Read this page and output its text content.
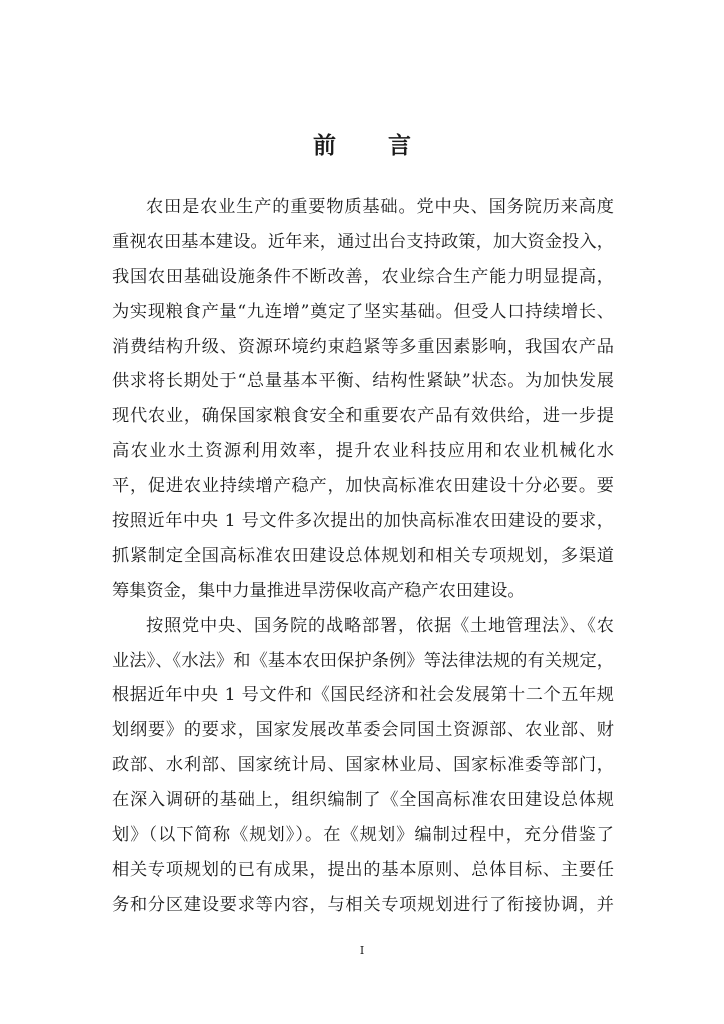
前 言
农田是农业生产的重要物质基础。党中央、国务院历来高度
重视农田基本建设。近年来，通过出台支持政策，加大资金投入，
我国农田基础设施条件不断改善，农业综合生产能力明显提高，
为实现粮食产量“九连增”奠定了坚实基础。但受人口持续增长、
消费结构升级、资源环境约束趋紧等多重因素影响，我国农产品
供求将长期处于“总量基本平衡、结构性紧缺”状态。为加快发展
现代农业，确保国家粮食安全和重要农产品有效供给，进一步提
高农业水土资源利用效率，提升农业科技应用和农业机械化水
平，促进农业持续增产稳产，加快高标准农田建设十分必要。要
按照近年中央 1 号文件多次提出的加快高标准农田建设的要求，
抓紧制定全国高标准农田建设总体规划和相关专项规划，多渠道
筹集资金，集中力量推进旱涝保收高产稳产农田建设。
按照党中央、国务院的战略部署，依据《土地管理法》、《农
业法》、《水法》和《基本农田保护条例》等法律法规的有关规定，
根据近年中央 1 号文件和《国民经济和社会发展第十二个五年规
划纲要》的要求，国家发展改革委会同国土资源部、农业部、财
政部、水利部、国家统计局、国家林业局、国家标准委等部门，
在深入调研的基础上，组织编制了《全国高标准农田建设总体规
划》（以下简称《规划》）。在《规划》编制过程中，充分借鉴了
相关专项规划的已有成果，提出的基本原则、总体目标、主要任
务和分区建设要求等内容，与相关专项规划进行了衔接协调，并
I
